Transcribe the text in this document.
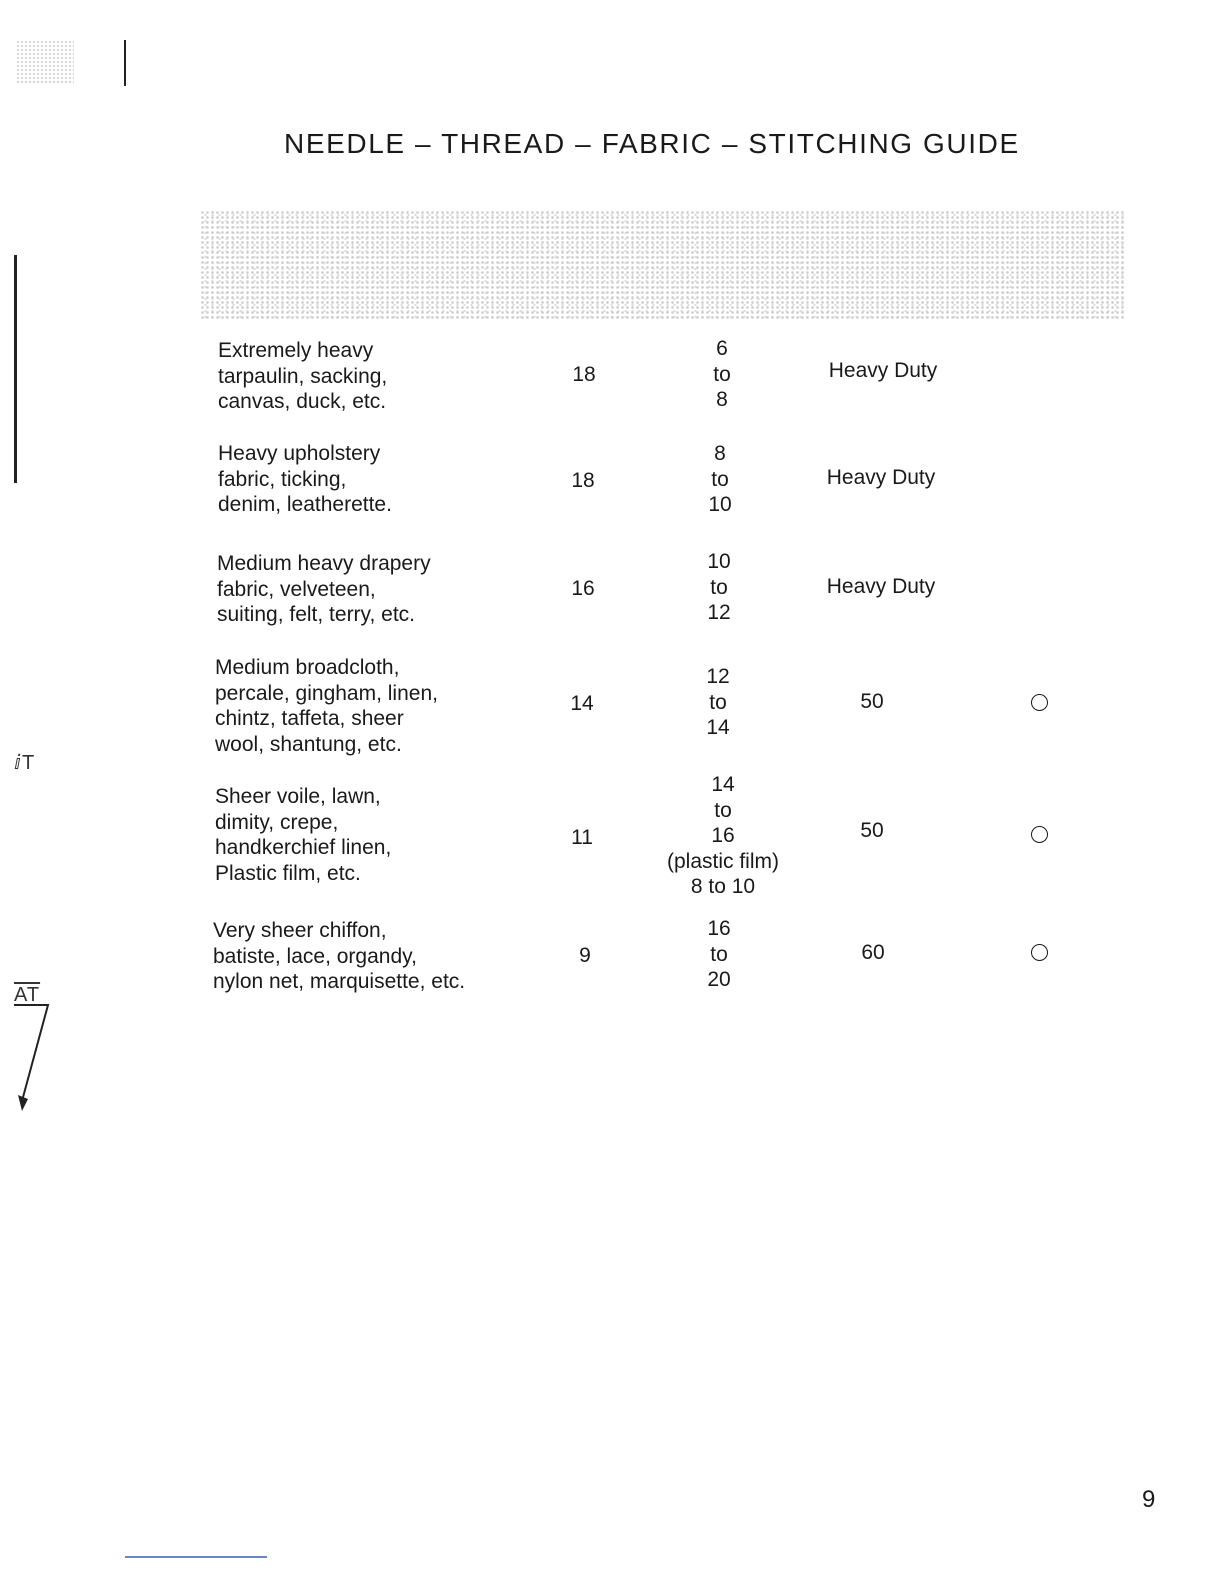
ⅈT
$\overline{AT}$
NEEDLE – THREAD – FABRIC – STITCHING GUIDE
Extremely heavy
tarpaulin, sacking,
canvas, duck, etc.
18
6
to
8
Heavy Duty
Heavy upholstery
fabric, ticking,
denim, leatherette.
18
8
to
10
Heavy Duty
Medium heavy drapery
fabric, velveteen,
suiting, felt, terry, etc.
16
10
to
12
Heavy Duty
Medium broadcloth,
percale, gingham, linen,
chintz, taffeta, sheer
wool, shantung, etc.
14
12
to
14
50
Sheer voile, lawn,
dimity, crepe,
handkerchief linen,
Plastic film, etc.
11
14
to
16
(plastic film)
8 to 10
50
Very sheer chiffon,
batiste, lace, organdy,
nylon net, marquisette, etc.
9
16
to
20
60
9
